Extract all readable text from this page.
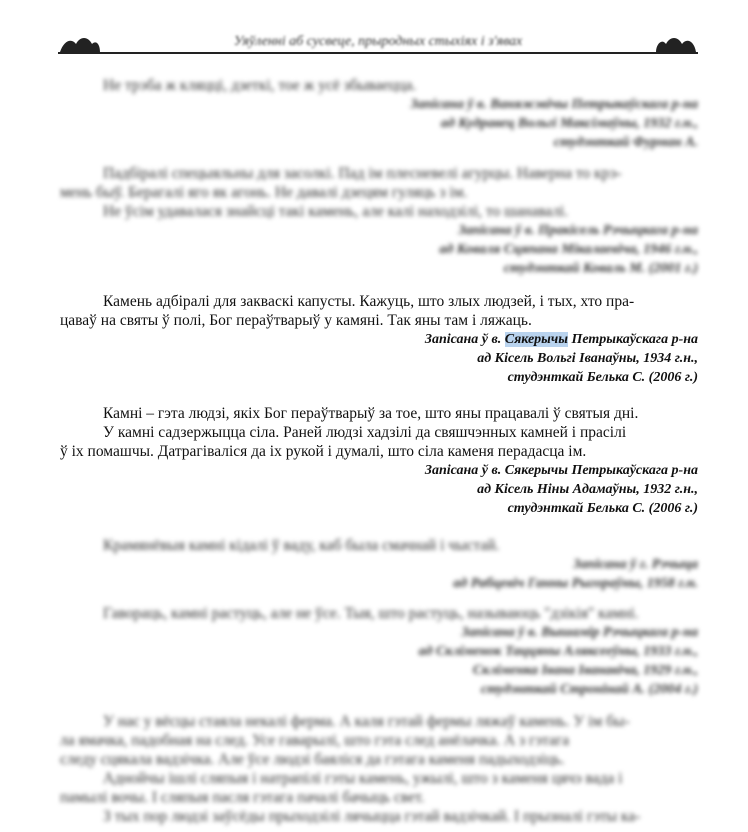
Уяўленні аб сусвеце, прыродных стыхіях і з'явах

Не трэба ж кляцці, дзеткі, тое ж усё збываецца.

Запісана ў в. Ваняжэвічы Петрыкаўскага р-на
ад Кудравец Вольгі Максімаўны, 1932 г.н.,
студэнткай Фурман А.

Падбіралі спецыяльны для засолкі. Пад ім плесневелі агурцы. Наверна то крэ-

мень быў. Берагалі яго як агонь. Не давалі дзецям гуляць з ім.

Не ўсім удавалася знайсці такі камень, але калі находзілі, то шанавалі.

Запісана ў в. Пракісель Рэчыцкага р-на
ад Коваля Сцяпана Мікалаевіча, 1946 г.н.,
студэнткай Коваль М. (2001 г.)

Камень адбіралі для заквaскі капусты. Кажуць, што злых людзей, і тых, хто пра-

цаваў на святы ў полі, Бог пераўтварыў у камяні. Так яны там і ляжаць.

Запісана ў в. Сякерычы Петрыкаўскага р-на
ад Кісель Вольгі Іванаўны, 1934 г.н.,
студэнткай Белька С. (2006 г.)

Камні – гэта людзі, якіх Бог пераўтварыў за тое, што яны працавалі ў святыя дні.

У камні садзержыцца сіла. Раней людзі хадзілі да свяшчэнных камней і прасілі

ў іх помашчы. Датрагіваліся да іх рукой і думалі, што сіла каменя перадасца ім.

Запісана ў в. Сякерычы Петрыкаўскага р-на
ад Кісель Ніны Адамаўны, 1932 г.н.,
студэнткай Белька С. (2006 г.)

Крамянёвыя камні кідалі ў ваду, каб была смачнай і чыстай.

Запісана ў г. Рэчыца
ад Рабцевіч Ганны Рыгораўны, 1958 г.н.

Гавораць, камні растуць, але не ўсе. Тыя, што растуць, называюць "дзікія" камні.

Запісана ў в. Вышамір Рэчыцкага р-на
ад Скліменок Таццяны Аляксееўны, 1933 г.н.,
Скліменка Івана Іванавіча, 1929 г.н.,
студэнткай Стронінай А. (2004 г.)

У нас у вёсцы стаяла некалі ферма. А каля гэтай фермы ляжаў камень. У ім бы-

ла ямачка, падобная на след. Усе гаварылі, што гэта след анёлачка. А з гэтага

следу сцякала вадзічка. Але ўсе людзі баяліся да гэтага каменя падыходзіць.

Аднойчы ішлі сляпыя і натрапілі гэты камень, ужылі, што з каменя цячэ вада і

памылі вочы. І сляпыя пасля гэтага пачалі бачыць свет.

З тых пор людзі заўсёды прыходзілі лячыцца гэтай вадзічкай. І прызналі гэты ка-
